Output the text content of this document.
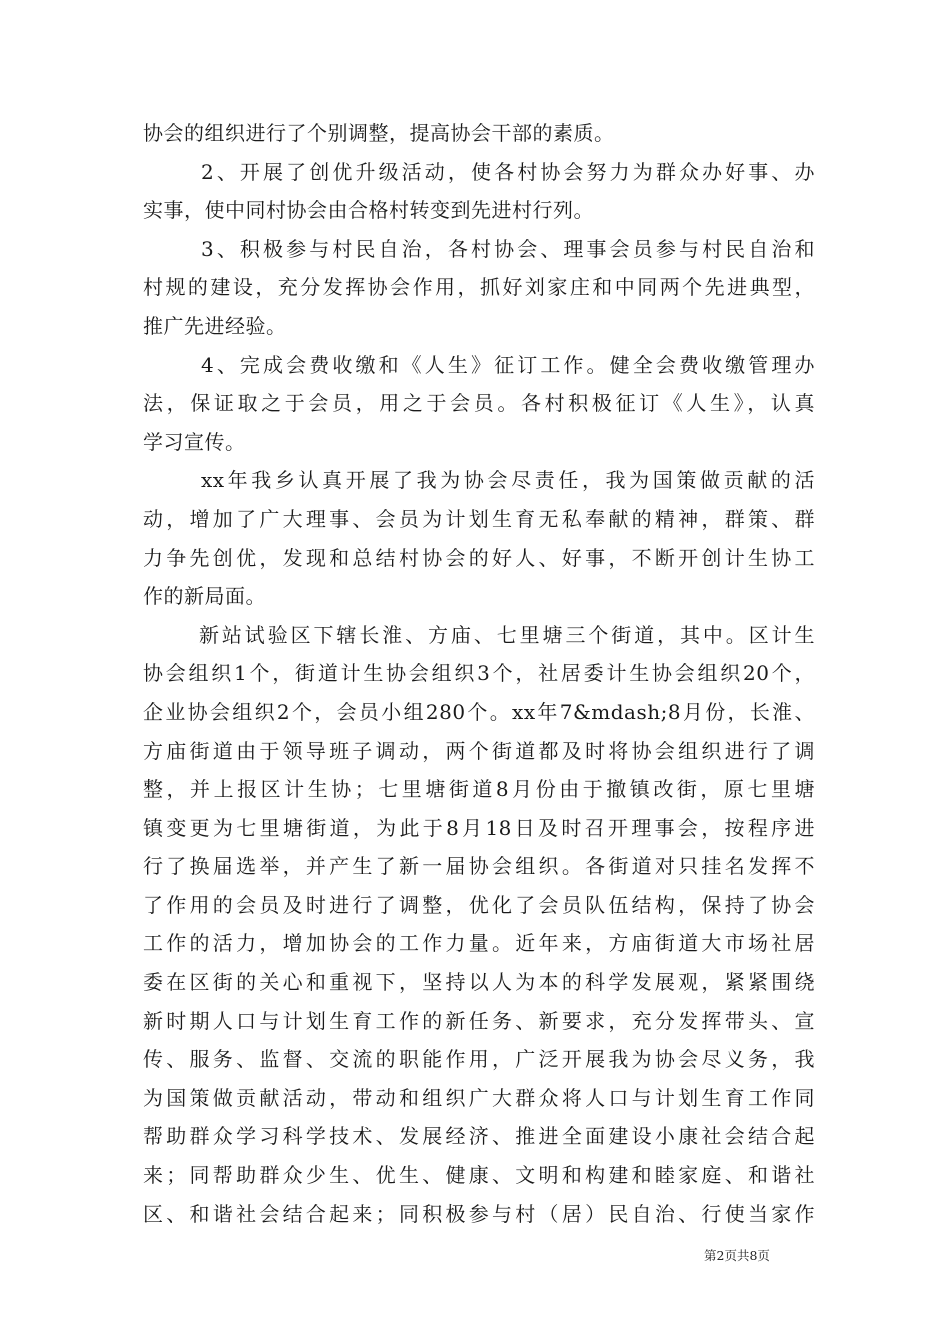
协会的组织进行了个别调整，提高协会干部的素质。
2、开展了创优升级活动，使各村协会努力为群众办好事、办
实事，使中同村协会由合格村转变到先进村行列。
3、积极参与村民自治，各村协会、理事会员参与村民自治和
村规的建设，充分发挥协会作用，抓好刘家庄和中同两个先进典型，
推广先进经验。
4、完成会费收缴和《人生》征订工作。健全会费收缴管理办
法，保证取之于会员，用之于会员。各村积极征订《人生》，认真
学习宣传。
xx年我乡认真开展了我为协会尽责任，我为国策做贡献的活
动，增加了广大理事、会员为计划生育无私奉献的精神，群策、群
力争先创优，发现和总结村协会的好人、好事，不断开创计生协工
作的新局面。
新站试验区下辖长淮、方庙、七里塘三个街道，其中。区计生
协会组织1个，街道计生协会组织3个，社居委计生协会组织20个，
企业协会组织2个，会员小组280个。xx年7&mdash;8月份，长淮、
方庙街道由于领导班子调动，两个街道都及时将协会组织进行了调
整，并上报区计生协；七里塘街道8月份由于撤镇改街，原七里塘
镇变更为七里塘街道，为此于8月18日及时召开理事会，按程序进
行了换届选举，并产生了新一届协会组织。各街道对只挂名发挥不
了作用的会员及时进行了调整，优化了会员队伍结构，保持了协会
工作的活力，增加协会的工作力量。近年来，方庙街道大市场社居
委在区街的关心和重视下，坚持以人为本的科学发展观，紧紧围绕
新时期人口与计划生育工作的新任务、新要求，充分发挥带头、宣
传、服务、监督、交流的职能作用，广泛开展我为协会尽义务，我
为国策做贡献活动，带动和组织广大群众将人口与计划生育工作同
帮助群众学习科学技术、发展经济、推进全面建设小康社会结合起
来；同帮助群众少生、优生、健康、文明和构建和睦家庭、和谐社
区、和谐社会结合起来；同积极参与村（居）民自治、行使当家作
第2页共8页
